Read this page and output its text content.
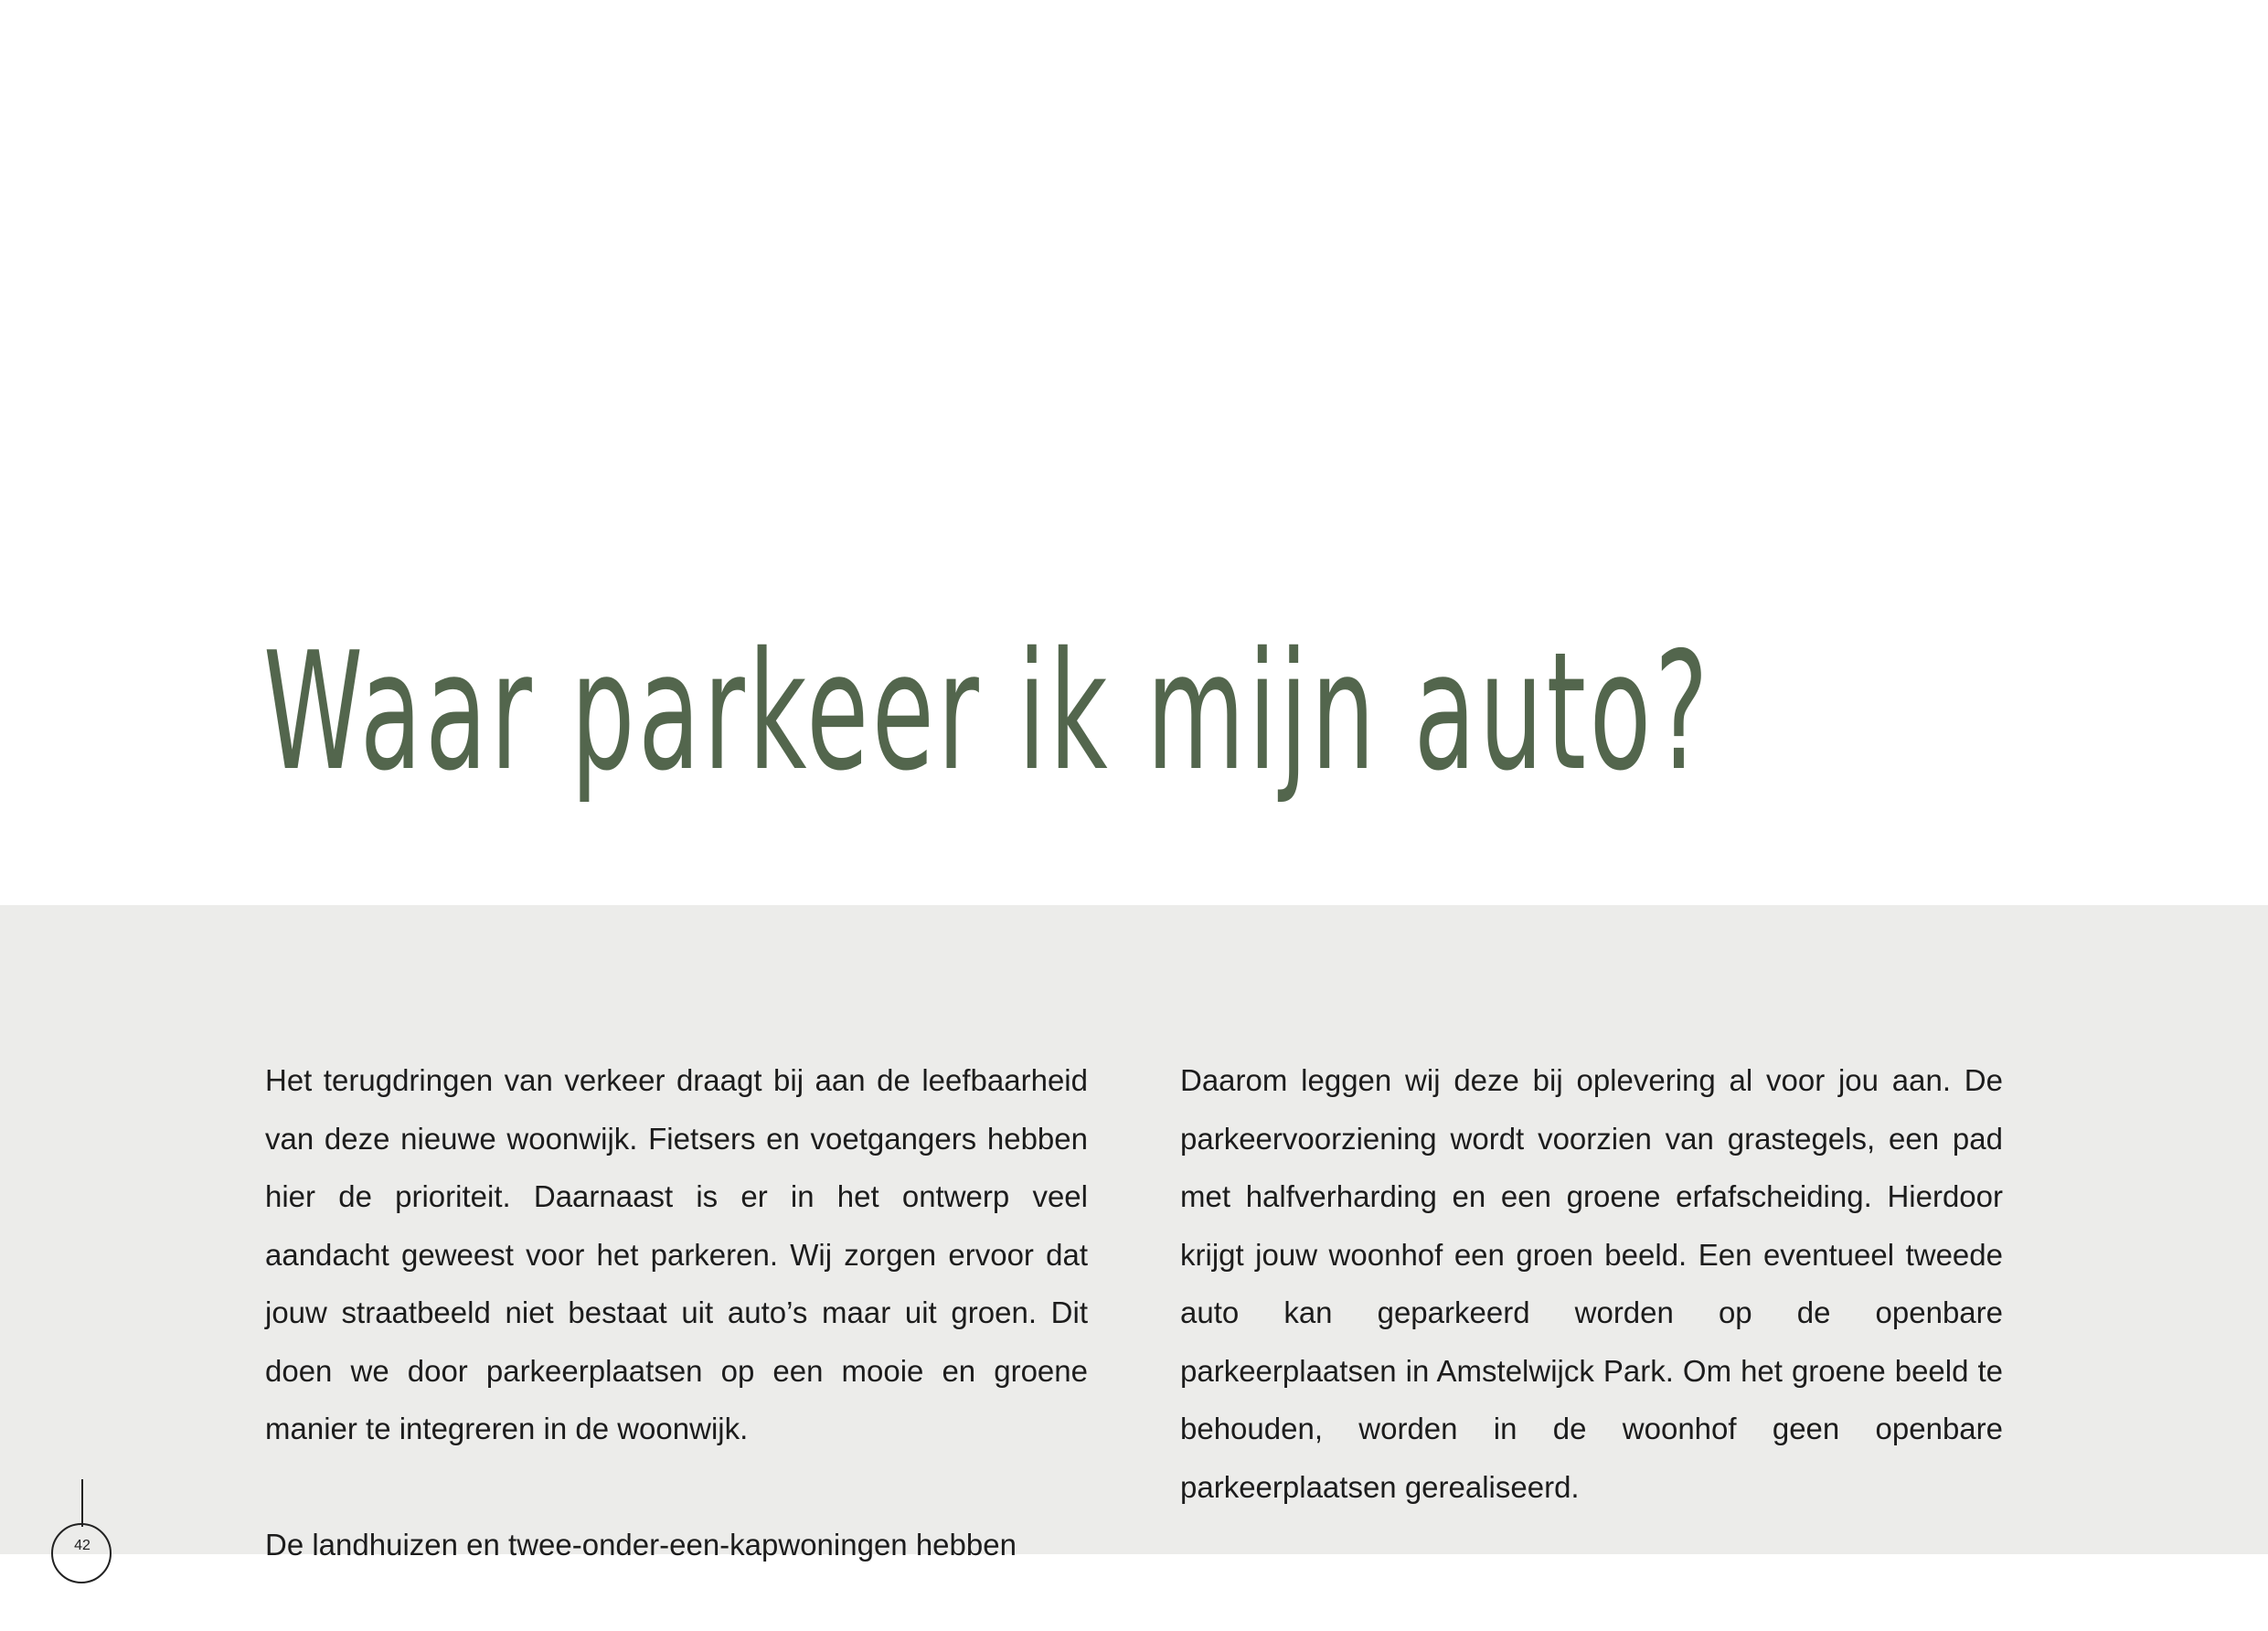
Waar parkeer ik mijn auto?

Het terugdringen van verkeer draagt bij aan de leefbaarheid van deze nieuwe woonwijk. Fietsers en voetgangers hebben hier de prioriteit. Daarnaast is er in het ontwerp veel aandacht geweest voor het parkeren. Wij zorgen ervoor dat jouw straatbeeld niet bestaat uit auto’s maar uit groen. Dit doen we door parkeerplaatsen op een mooie en groene manier te integreren in de woonwijk.

De landhuizen en twee-onder-een-kapwoningen hebben

Daarom leggen wij deze bij oplevering al voor jou aan. De parkeervoorziening wordt voorzien van grastegels, een pad met halfverharding en een groene erfafscheiding. Hierdoor krijgt jouw woonhof een groen beeld. Een eventueel tweede auto kan geparkeerd worden op de openbare parkeerplaatsen in Amstelwijck Park. Om het groene beeld te behouden, worden in de woonhof geen openbare parkeerplaatsen gerealiseerd.

42
